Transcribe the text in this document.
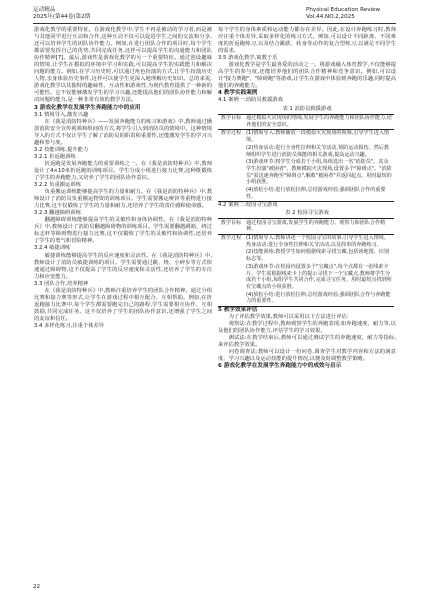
运动精品
2025年(第44卷)第2期
Physical Education Review
Vol.44,NO.2,2025

游戏化教学的重要特征。在游戏化教学中,学生不再是被动的学习者,而是被与其他同学进行互动和合作,这种互动不仅可以促进学生之间的交流和分享,还可以培养学生的团队协作能力。例如,在进行团队合作的项目时,每个学生都需要发挥自己的优势,共同完成任务,这样可以提高学生的沟通能力和团队协作精神[7]。最后,游戏性是游戏化教学的另一个重要特征。通过创设趣味的情境,让学生在模拟的环境中学习和实践,可以提高学生的实践能力和解决问题的能力。例如,在学习历史时,可以通过角色扮演的方式,让学生扮演历史人物,亲身体验历史事件,这样可以使学生更深入地理解历史知识。总的来说,游戏化教学以其独特的趣味性、互动性和游戏性,为现代教育提供了一种新的可能性。它不仅能够激发学生的学习兴趣,还能提高他们的团队协作能力和解决问题的能力,是一种非常有效的教学方法。

3 游戏化教学在发展学生奔跑能力中的应用
3.1 情境导入,激发兴趣

在《我是消防特种兵》——发展奔跑能力的练习和游戏》中,教师通过播放消防安全宣传视频和组间的方式,将学生引入到消防员的情境中。这种情境导入的方式不仅让学生了解了消防员的职责和重要性,还能激发学生的学习兴趣和参与度。

3.2 技能训练,提升能力
3.2.1 折返跑训练

折返跑是发展奔跑能力的重要训练之一。在《我是消防特种兵》中,教师设计了4×10米折返跑的训练项目。学生分成小组进行接力比赛,这种既锻炼了学生的奔跑能力,又培养了学生的团队协作意识。

3.2.2 负重搬运训练

负重搬运训练能够提高学生的力量和耐力。在《我是消防特种兵》中,教师设计了消防员负重搬运物资的训练项目。学生需要搬运哑铃等重物进行接力比赛,这不仅锻炼了学生的力量和耐力,还培养了学生的责任感和使命感。

3.2.3 翻越障碍训练

翻越障碍训练能够提高学生的灵敏性和身体协调性。在《我是消防特种兵》中,教师设计了消防员翻越障碍物的训练项目。学生需要翻越跳箱、绕过标志杆等障碍物进行接力比赛,这不仅锻炼了学生的灵敏性和协调性,还培养了学生的勇气和冒险精神。

3.2.4 敏捷训练

敏捷训练能够提高学生的反应速度和灵活性。在《我是消防特种兵》中,教师设计了消防员敏捷训练的项目。学生需要通过跳、绕、小碎步等方式快速通过障碍物,这不仅提高了学生的反应速度和灵活性,还培养了学生的专注力和应变能力。

3.3 团队合作,培养精神

在《我是消防特种兵》中,教师注重培养学生的团队合作精神。通过分组比赛和接力赛等形式,让学生在游戏过程中相互配合、互相帮助。例如,在折返跑接力比赛中,每个学生都需要跑完自己的路程,学生需要相互协作、互相鼓励,共同完成任务。这不仅培养了学生的团队协作意识,还增强了学生之间的友谊和信任。

3.4 多样化练习,注重个体差异

每个学生的身体素质和运动能力都存在差异。因此,在设计奔跑练习时,教师应注重个体差异,采取多样化的练习方式。例如,可以设计不同距离、不同难度的折返跑练习,以及结合跳跃、转身等动作的复合型练习,以满足不同学生的需求。

3.5 游戏化教学,寓教于乐

游戏化教学是学生最喜爱的活动之一。将游戏融入体育教学,不仅能够提高学生的参与度,还能培养他们的团队合作精神和竞争意识。例如,可以设计"接力赛跑"、"障碍跑"等游戏,让学生在游戏中体验到奔跑的乐趣,同时提高他们的奔跑能力。

4 教学实践案例
4.1 案例一:消防员救援游戏
表 1 消防员救援游戏
教学目标	通过模拟火灾现场的情境,发展学生的奔跑能力和团队协作能力,培养他们的安全意识。
教学过程	(1)情境导入:教师播放一段模拟火灾现场的视频,引导学生进入情境。
	(2)热身活动:进行全身性拉伸和关节活动,预防运动损伤。然后教师组织学生进行消防员体能的相关游戏,提高运动兴趣。
	(3)游戏环节:将学生分成若干小组,每组选出一名"消防员"。其余学生扮演"被困者"。教师模拟火灾现场,设置多个"障碍点"。"消防员"需迅速奔跑至"障碍点",解救"被困者"并返回起点。用时最短的小组获胜。
	(4)放松小结:进行放松拉伸,总结游戏经验,强调团队合作的重要性。
4.2 案例二:校园寻宝游戏
表 2 校园寻宝游戏
教学目标	通过校园寻宝游戏,发展学生的奔跑能力、观察力和团队合作精神。
教学过程	(1)情境导入:教师讲述一个校园寻宝的故事,引导学生进入情境。
热身活动:进行全身性拉伸和关节活动,以及简单的奔跑练习。
	(2)技能训练:教授学生如何根据线索寻找宝藏,包括读地图、识别标志等。
	(3)游戏环节:在校园内设置多个"宝藏点",每个点都有一张线索卡片。学生需根据线索卡上的提示寻找下一个宝藏点,教师将学生分成若干小组,每组学生共同合作,完成寻宝任务。用时最短且找到所有宝藏点的小组获胜。
	(4)放松小结:进行放松拉伸,总结游戏经验,强调团队合作与奔跑能力的重要性。
5 教学效果评估

为了评估教学效果,教师可以采用以下方法进行评估:

观察法:在教学过程中,教师观察学生的奔跑表现,如奔跑速度、耐力等,以及他们的团队协作能力,评估学生的学习效果。

测试法:在教学结束后,教师可以通过测试学生的奔跑速度、耐力等指标,来评估教学效果。

问卷调查法:教师可以设计一份问卷,调查学生对教学内容和方法的满意度、学习兴趣以及运动技能的提升情况,以便及时调整教学策略。

6 游戏化教学在发展学生奔跑能力中的成效与启示
22
